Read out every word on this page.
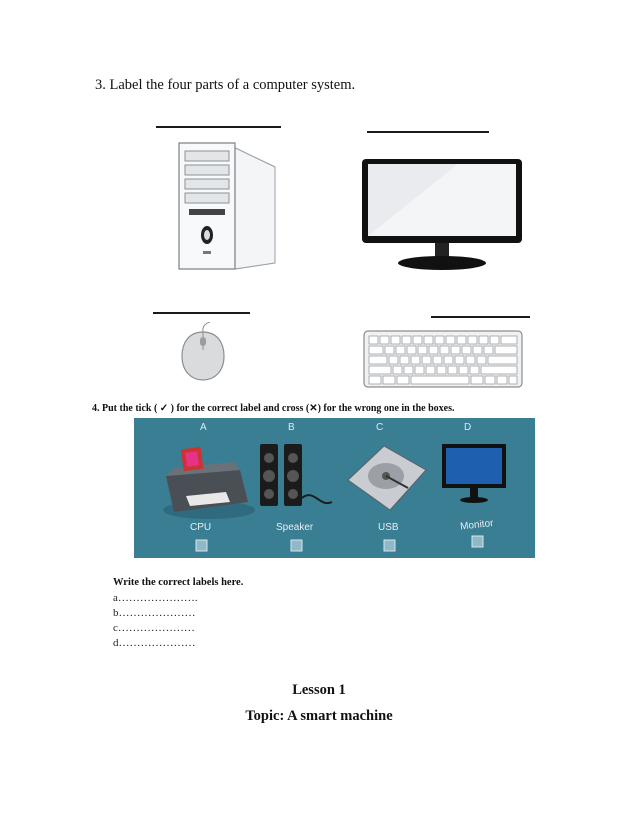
3. Label the four parts of a computer system.
4. Put the tick ( ✓ ) for the correct label and cross (✕) for the wrong one in the boxes.
A	B	C	D
CPU	Speaker	USB	Monitor
Write the correct labels here.
a………………….
b…………………
c…………………
d…………………
Lesson 1
Topic: A smart machine
